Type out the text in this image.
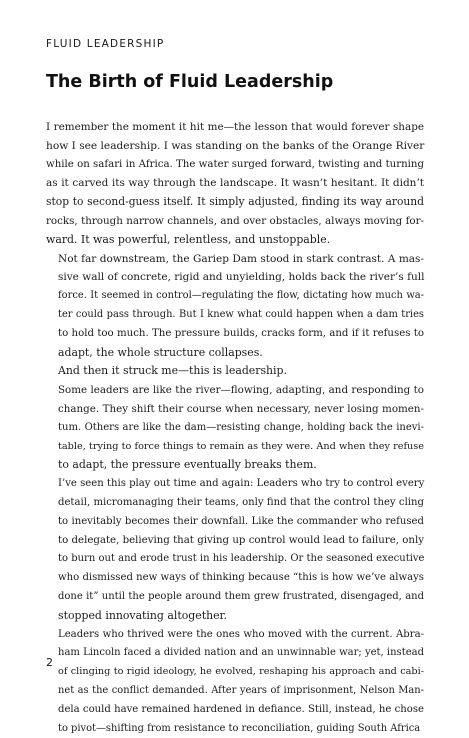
FLUID LEADERSHIP
The Birth of Fluid Leadership

I remember the moment it hit me—the lesson that would forever shape
how I see leadership. I was standing on the banks of the Orange River
while on safari in Africa. The water surged forward, twisting and turning
as it carved its way through the landscape. It wasn’t hesitant. It didn’t
stop to second-guess itself. It simply adjusted, finding its way around
rocks, through narrow channels, and over obstacles, always moving for-
ward. It was powerful, relentless, and unstoppable.

Not far downstream, the Gariep Dam stood in stark contrast. A mas-
sive wall of concrete, rigid and unyielding, holds back the river’s full
force. It seemed in control—regulating the flow, dictating how much wa-
ter could pass through. But I knew what could happen when a dam tries
to hold too much. The pressure builds, cracks form, and if it refuses to
adapt, the whole structure collapses.

And then it struck me—this is leadership.

Some leaders are like the river—flowing, adapting, and responding to
change. They shift their course when necessary, never losing momen-
tum. Others are like the dam—resisting change, holding back the inevi-
table, trying to force things to remain as they were. And when they refuse
to adapt, the pressure eventually breaks them.

I’ve seen this play out time and again: Leaders who try to control every
detail, micromanaging their teams, only find that the control they cling
to inevitably becomes their downfall. Like the commander who refused
to delegate, believing that giving up control would lead to failure, only
to burn out and erode trust in his leadership. Or the seasoned executive
who dismissed new ways of thinking because “this is how we’ve always
done it” until the people around them grew frustrated, disengaged, and
stopped innovating altogether.

Leaders who thrived were the ones who moved with the current. Abra-
ham Lincoln faced a divided nation and an unwinnable war; yet, instead
of clinging to rigid ideology, he evolved, reshaping his approach and cabi-
net as the conflict demanded. After years of imprisonment, Nelson Man-
dela could have remained hardened in defiance. Still, instead, he chose
to pivot—shifting from resistance to reconciliation, guiding South Africa

2
